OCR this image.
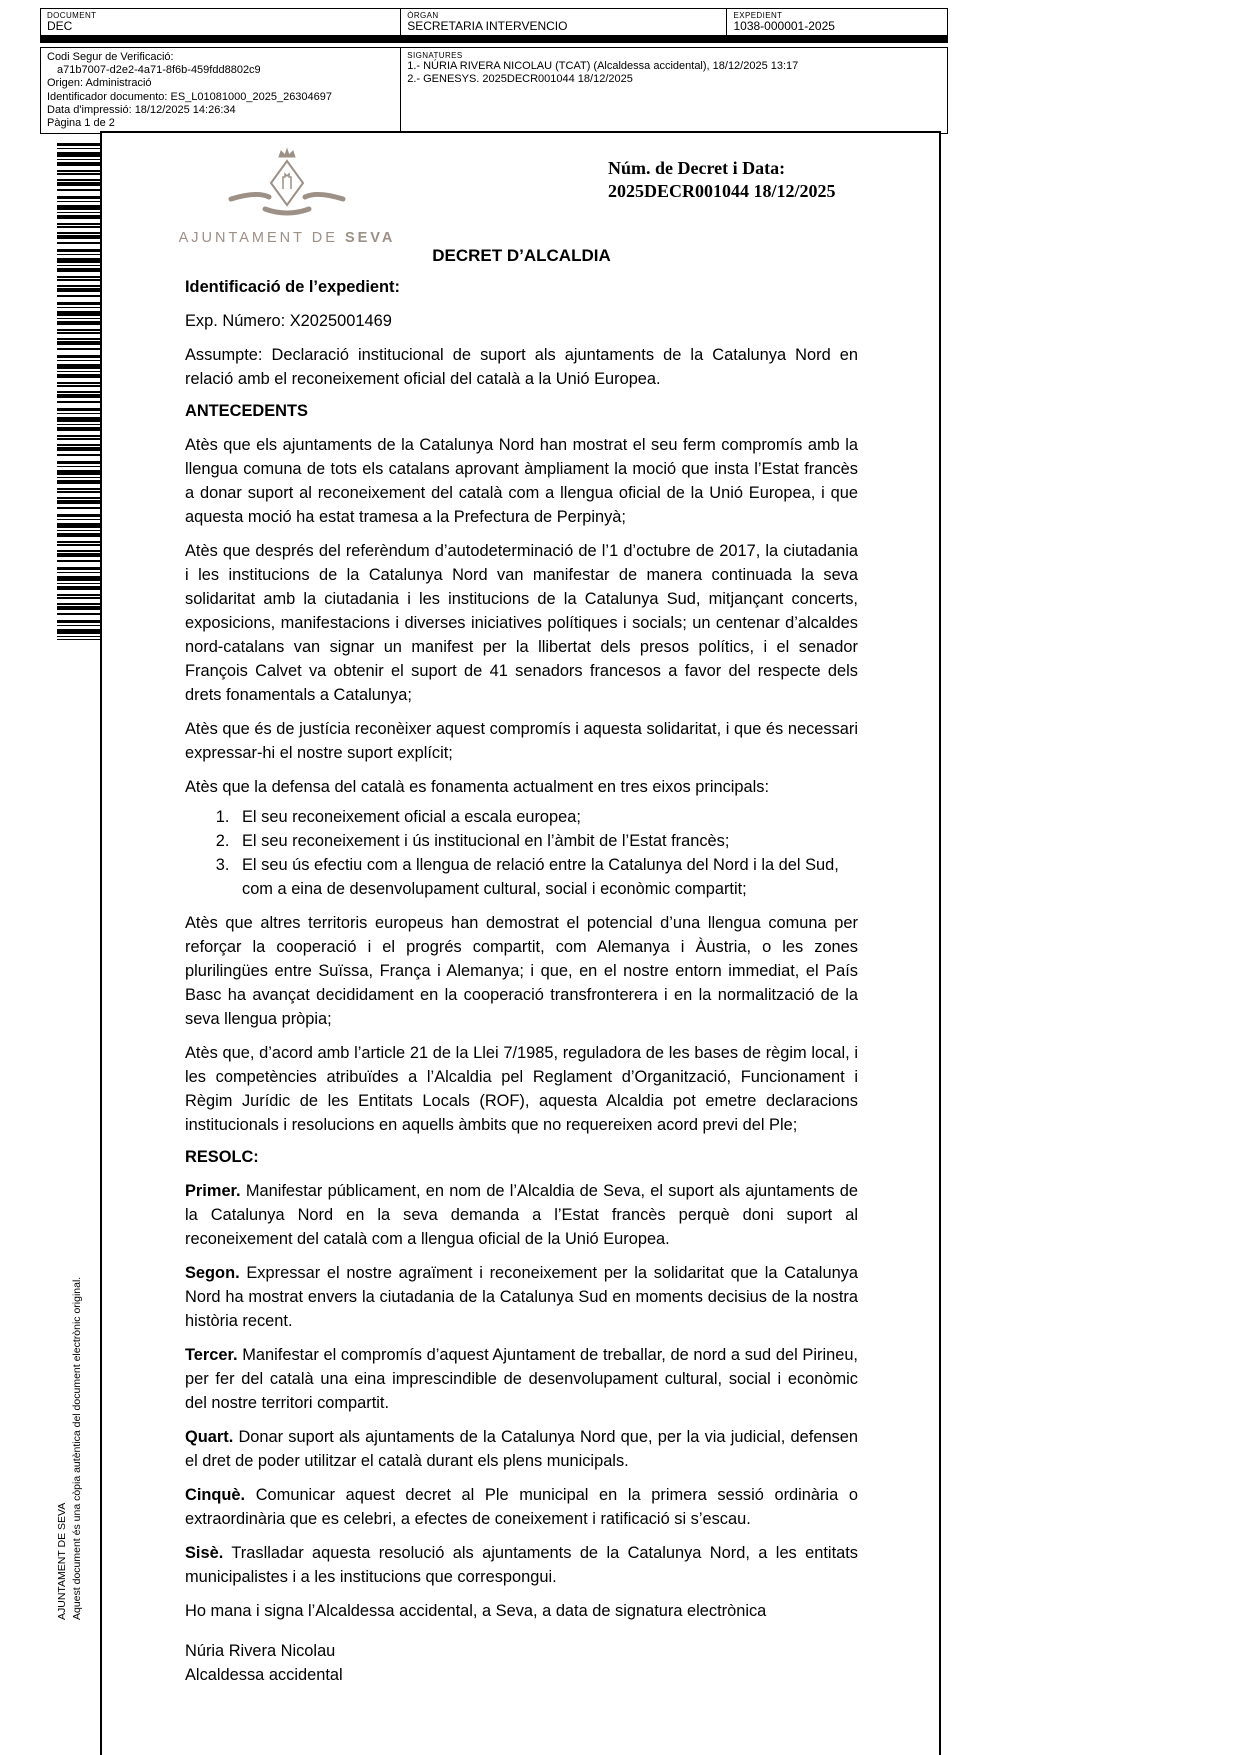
DOCUMENT
DEC
ÒRGAN
SECRETARIA INTERVENCIO
EXPEDIENT
1038-000001-2025
Codi Segur de Verificació:
a71b7007-d2e2-4a71-8f6b-459fdd8802c9
Origen: Administració
Identificador documento: ES_L01081000_2025_26304697
Data d'impressió: 18/12/2025 14:26:34
Pàgina 1 de 2
SIGNATURES
1.- NÚRIA RIVERA NICOLAU (TCAT) (Alcaldessa accidental), 18/12/2025 13:17
2.- GENESYS. 2025DECR001044 18/12/2025
AJUNTAMENT DE SEVA Aquest document és una còpia autèntica del document electrònic original.
AJUNTAMENT DE SEVA
Núm. de Decret i Data:
2025DECR001044 18/12/2025
DECRET D’ALCALDIA
Identificació de l’expedient:

Exp. Número: X2025001469

Assumpte: Declaració institucional de suport als ajuntaments de la Catalunya Nord en relació amb el reconeixement oficial del català a la Unió Europea.

ANTECEDENTS

Atès que els ajuntaments de la Catalunya Nord han mostrat el seu ferm compromís amb la llengua comuna de tots els catalans aprovant àmpliament la moció que insta l’Estat francès a donar suport al reconeixement del català com a llengua oficial de la Unió Europea, i que aquesta moció ha estat tramesa a la Prefectura de Perpinyà;

Atès que després del referèndum d’autodeterminació de l’1 d’octubre de 2017, la ciutadania i les institucions de la Catalunya Nord van manifestar de manera continuada la seva solidaritat amb la ciutadania i les institucions de la Catalunya Sud, mitjançant concerts, exposicions, manifestacions i diverses iniciatives polítiques i socials; un centenar d’alcaldes nord-catalans van signar un manifest per la llibertat dels presos polítics, i el senador François Calvet va obtenir el suport de 41 senadors francesos a favor del respecte dels drets fonamentals a Catalunya;

Atès que és de justícia reconèixer aquest compromís i aquesta solidaritat, i que és necessari expressar-hi el nostre suport explícit;

Atès que la defensa del català es fonamenta actualment en tres eixos principals:

1. El seu reconeixement oficial a escala europea;
2. El seu reconeixement i ús institucional en l’àmbit de l’Estat francès;
3. El seu ús efectiu com a llengua de relació entre la Catalunya del Nord i la del Sud, com a eina de desenvolupament cultural, social i econòmic compartit;

Atès que altres territoris europeus han demostrat el potencial d’una llengua comuna per reforçar la cooperació i el progrés compartit, com Alemanya i Àustria, o les zones plurilingües entre Suïssa, França i Alemanya; i que, en el nostre entorn immediat, el País Basc ha avançat decididament en la cooperació transfronterera i en la normalització de la seva llengua pròpia;

Atès que, d’acord amb l’article 21 de la Llei 7/1985, reguladora de les bases de règim local, i les competències atribuïdes a l’Alcaldia pel Reglament d’Organització, Funcionament i Règim Jurídic de les Entitats Locals (ROF), aquesta Alcaldia pot emetre declaracions institucionals i resolucions en aquells àmbits que no requereixen acord previ del Ple;

RESOLC:

Primer. Manifestar públicament, en nom de l’Alcaldia de Seva, el suport als ajuntaments de la Catalunya Nord en la seva demanda a l’Estat francès perquè doni suport al reconeixement del català com a llengua oficial de la Unió Europea.

Segon. Expressar el nostre agraïment i reconeixement per la solidaritat que la Catalunya Nord ha mostrat envers la ciutadania de la Catalunya Sud en moments decisius de la nostra història recent.

Tercer. Manifestar el compromís d’aquest Ajuntament de treballar, de nord a sud del Pirineu, per fer del català una eina imprescindible de desenvolupament cultural, social i econòmic del nostre territori compartit.

Quart. Donar suport als ajuntaments de la Catalunya Nord que, per la via judicial, defensen el dret de poder utilitzar el català durant els plens municipals.

Cinquè. Comunicar aquest decret al Ple municipal en la primera sessió ordinària o extraordinària que es celebri, a efectes de coneixement i ratificació si s’escau.

Sisè. Traslladar aquesta resolució als ajuntaments de la Catalunya Nord, a les entitats municipalistes i a les institucions que correspongui.

Ho mana i signa l’Alcaldessa accidental, a Seva, a data de signatura electrònica

Núria Rivera Nicolau
Alcaldessa accidental
